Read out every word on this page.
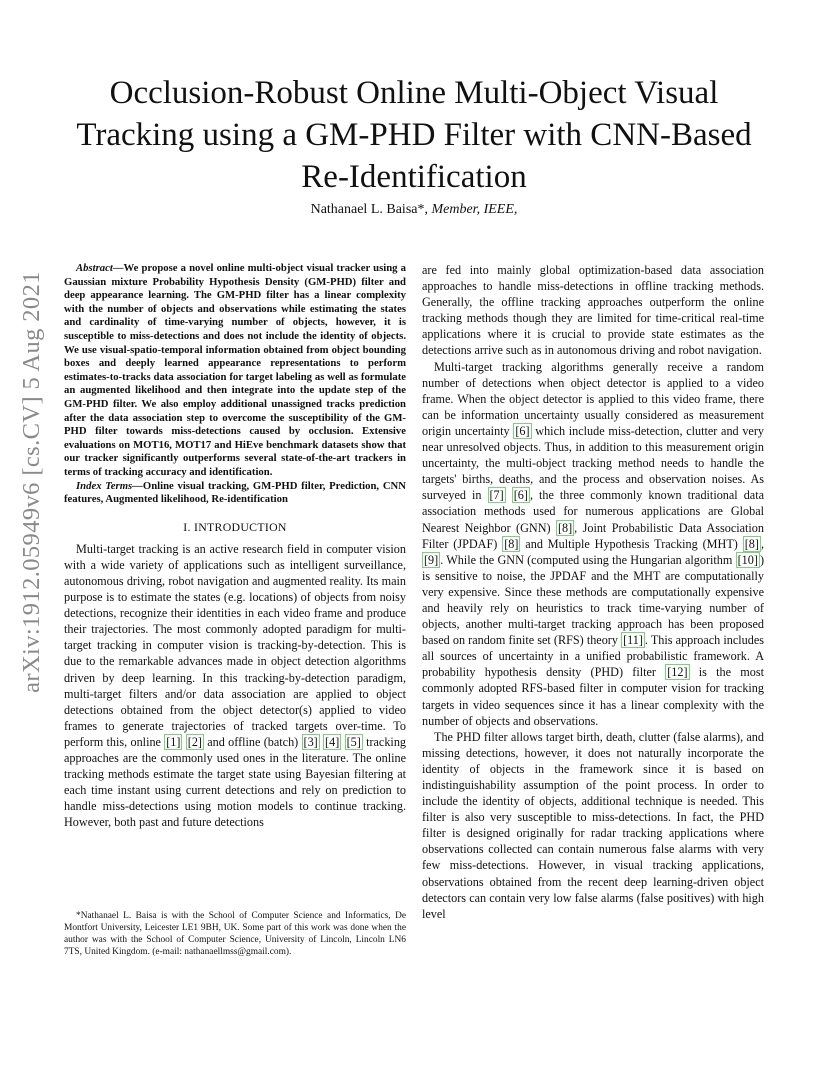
arXiv:1912.05949v6 [cs.CV] 5 Aug 2021
Occlusion-Robust Online Multi-Object Visual Tracking using a GM-PHD Filter with CNN-Based Re-Identification
Nathanael L. Baisa*, Member, IEEE,

Abstract—We propose a novel online multi-object visual tracker using a Gaussian mixture Probability Hypothesis Density (GM-PHD) filter and deep appearance learning. The GM-PHD filter has a linear complexity with the number of objects and observations while estimating the states and cardinality of time-varying number of objects, however, it is susceptible to miss-detections and does not include the identity of objects. We use visual-spatio-temporal information obtained from object bounding boxes and deeply learned appearance representations to perform estimates-to-tracks data association for target labeling as well as formulate an augmented likelihood and then integrate into the update step of the GM-PHD filter. We also employ additional unassigned tracks prediction after the data association step to overcome the susceptibility of the GM-PHD filter towards miss-detections caused by occlusion. Extensive evaluations on MOT16, MOT17 and HiEve benchmark datasets show that our tracker significantly outperforms several state-of-the-art trackers in terms of tracking accuracy and identification.

Index Terms—Online visual tracking, GM-PHD filter, Prediction, CNN features, Augmented likelihood, Re-identification

I. INTRODUCTION

Multi-target tracking is an active research field in computer vision with a wide variety of applications such as intelligent surveillance, autonomous driving, robot navigation and augmented reality. Its main purpose is to estimate the states (e.g. locations) of objects from noisy detections, recognize their identities in each video frame and produce their trajectories. The most commonly adopted paradigm for multi-target tracking in computer vision is tracking-by-detection. This is due to the remarkable advances made in object detection algorithms driven by deep learning. In this tracking-by-detection paradigm, multi-target filters and/or data association are applied to object detections obtained from the object detector(s) applied to video frames to generate trajectories of tracked targets over-time. To perform this, online [1] [2] and offline (batch) [3] [4] [5] tracking approaches are the commonly used ones in the literature. The online tracking methods estimate the target state using Bayesian filtering at each time instant using current detections and rely on prediction to handle miss-detections using motion models to continue tracking. However, both past and future detections

*Nathanael L. Baisa is with the School of Computer Science and Informatics, De Montfort University, Leicester LE1 9BH, UK. Some part of this work was done when the author was with the School of Computer Science, University of Lincoln, Lincoln LN6 7TS, United Kingdom. (e-mail: nathanaellmss@gmail.com).

are fed into mainly global optimization-based data association approaches to handle miss-detections in offline tracking methods. Generally, the offline tracking approaches outperform the online tracking methods though they are limited for time-critical real-time applications where it is crucial to provide state estimates as the detections arrive such as in autonomous driving and robot navigation.

Multi-target tracking algorithms generally receive a random number of detections when object detector is applied to a video frame. When the object detector is applied to this video frame, there can be information uncertainty usually considered as measurement origin uncertainty [6] which include miss-detection, clutter and very near unresolved objects. Thus, in addition to this measurement origin uncertainty, the multi-object tracking method needs to handle the targets' births, deaths, and the process and observation noises. As surveyed in [7] [6] , the three commonly known traditional data association methods used for numerous applications are Global Nearest Neighbor (GNN) [8] , Joint Probabilistic Data Association Filter (JPDAF) [8] and Multiple Hypothesis Tracking (MHT) [8] , [9] . While the GNN (computed using the Hungarian algorithm [10] ) is sensitive to noise, the JPDAF and the MHT are computationally very expensive. Since these methods are computationally expensive and heavily rely on heuristics to track time-varying number of objects, another multi-target tracking approach has been proposed based on random finite set (RFS) theory [11] . This approach includes all sources of uncertainty in a unified probabilistic framework. A probability hypothesis density (PHD) filter [12] is the most commonly adopted RFS-based filter in computer vision for tracking targets in video sequences since it has a linear complexity with the number of objects and observations.

The PHD filter allows target birth, death, clutter (false alarms), and missing detections, however, it does not naturally incorporate the identity of objects in the framework since it is based on indistinguishability assumption of the point process. In order to include the identity of objects, additional technique is needed. This filter is also very susceptible to miss-detections. In fact, the PHD filter is designed originally for radar tracking applications where observations collected can contain numerous false alarms with very few miss-detections. However, in visual tracking applications, observations obtained from the recent deep learning-driven object detectors can contain very low false alarms (false positives) with high level
